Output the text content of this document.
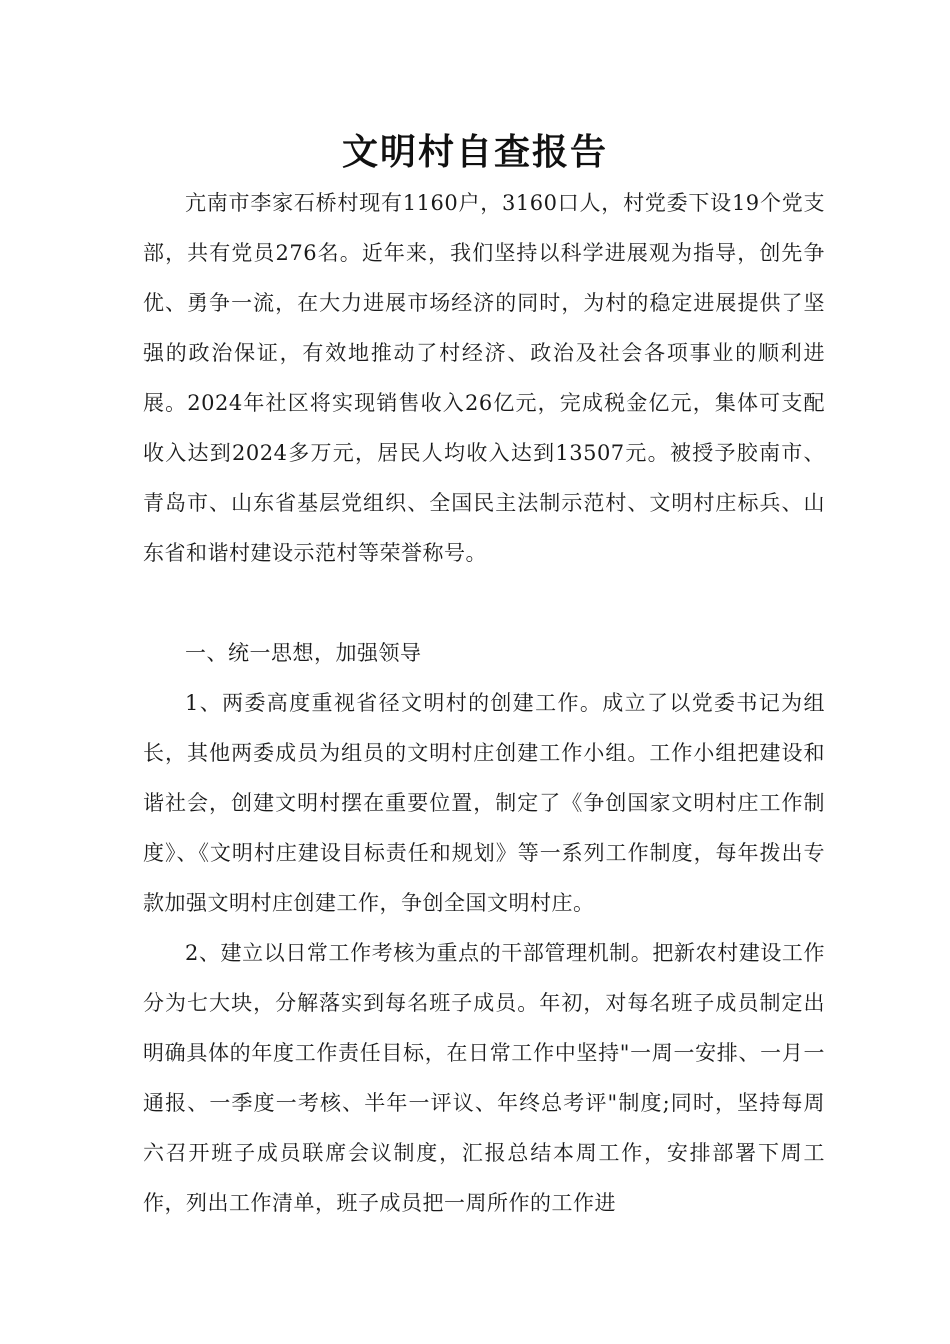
文明村自查报告

亢南市李家石桥村现有1160户，3160口人，村党委下设19个党支部，共有党员276名。近年来，我们坚持以科学进展观为指导，创先争优、勇争一流，在大力进展市场经济的同时，为村的稳定进展提供了坚强的政治保证，有效地推动了村经济、政治及社会各项事业的顺利进展。2024年社区将实现销售收入26亿元，完成税金亿元，集体可支配收入达到2024多万元，居民人均收入达到13507元。被授予胶南市、青岛市、山东省基层党组织、全国民主法制示范村、文明村庄标兵、山东省和谐村建设示范村等荣誉称号。

一、统一思想，加强领导

1、两委高度重视省径文明村的创建工作。成立了以党委书记为组长，其他两委成员为组员的文明村庄创建工作小组。工作小组把建设和谐社会，创建文明村摆在重要位置，制定了《争创国家文明村庄工作制度》、《文明村庄建设目标责任和规划》等一系列工作制度，每年拨出专款加强文明村庄创建工作，争创全国文明村庄。

2、建立以日常工作考核为重点的干部管理机制。把新农村建设工作分为七大块，分解落实到每名班子成员。年初，对每名班子成员制定出明确具体的年度工作责任目标，在日常工作中坚持"一周一安排、一月一通报、一季度一考核、半年一评议、年终总考评"制度;同时，坚持每周六召开班子成员联席会议制度，汇报总结本周工作，安排部署下周工作，列出工作清单，班子成员把一周所作的工作进
